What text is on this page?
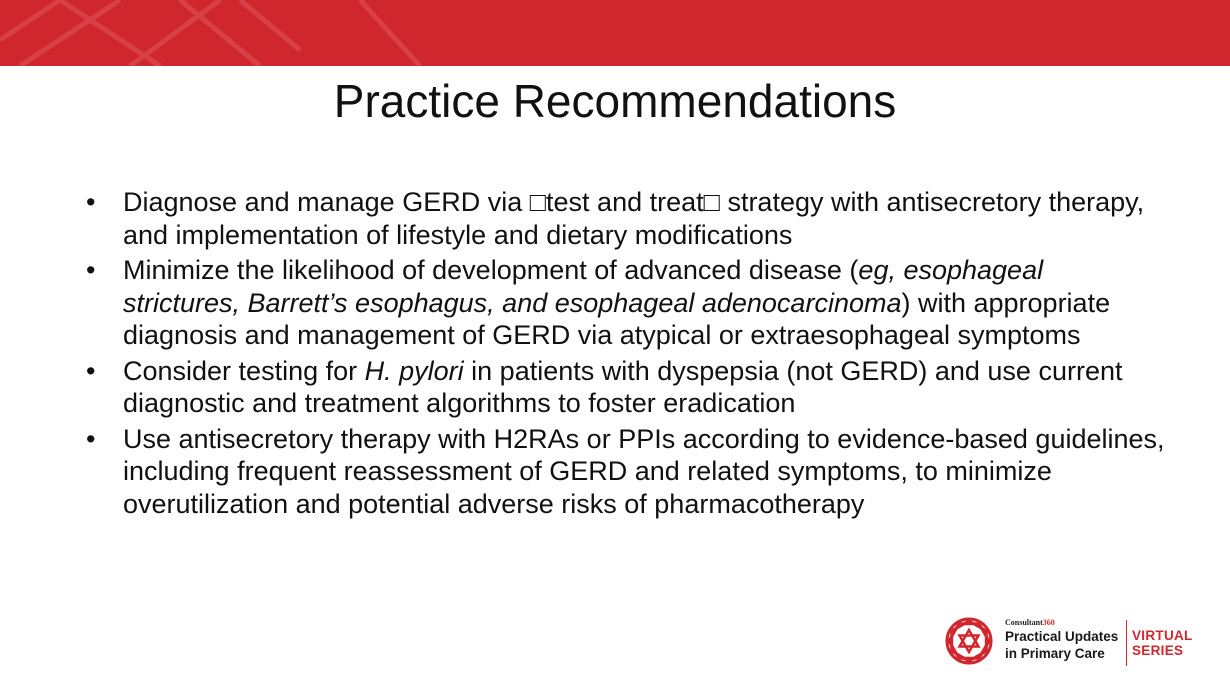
Practice Recommendations
•	Diagnose and manage GERD via □test and treat□ strategy with antisecretory therapy, and implementation of lifestyle and dietary modifications
•	Minimize the likelihood of development of advanced disease (eg, esophageal strictures, Barrett’s esophagus, and esophageal adenocarcinoma) with appropriate diagnosis and management of GERD via atypical or extraesophageal symptoms
•	Consider testing for H. pylori in patients with dyspepsia (not GERD) and use current diagnostic and treatment algorithms to foster eradication
•	Use antisecretory therapy with H2RAs or PPIs according to evidence-based guidelines, including frequent reassessment of GERD and related symptoms, to minimize overutilization and potential adverse risks of pharmacotherapy
Consultant360
Practical Updates
in Primary Care
VIRTUAL
SERIES
